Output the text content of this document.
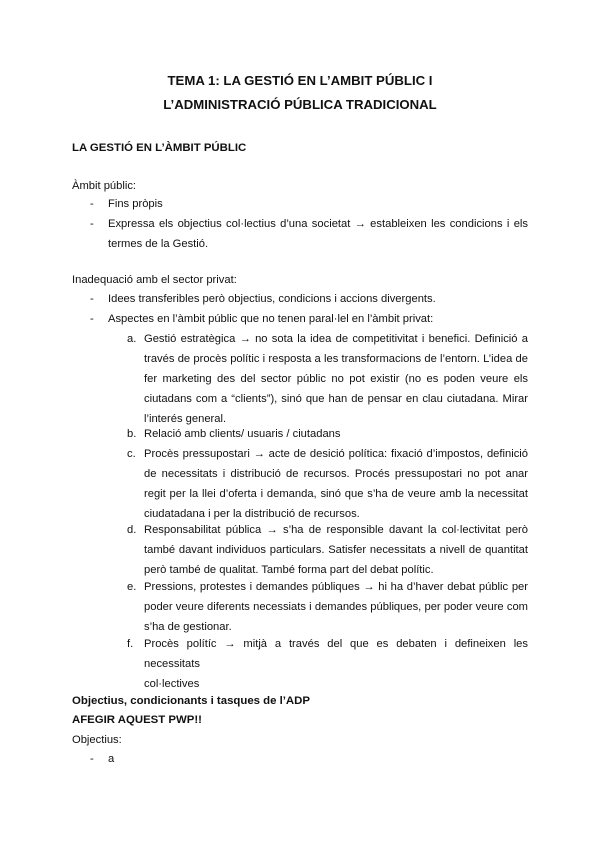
TEMA 1: LA GESTIÓ EN L’AMBIT PÚBLIC I
L’ADMINISTRACIÓ PÚBLICA TRADICIONAL
LA GESTIÓ EN L’ÀMBIT PÚBLIC
Àmbit públic:
- Fins pròpis
- Expressa els objectius col·lectius d’una societat → estableixen les condicions i els
termes de la Gestió.
Inadequació amb el sector privat:
- Idees transferibles però objectius, condicions i accions divergents.
- Aspectes en l’àmbit públic que no tenen paral·lel en l’àmbit privat:
a. Gestió estratègica → no sota la idea de competitivitat i benefici. Definició a
través de procès polític i resposta a les transformacions de l’entorn. L’idea de
fer marketing des del sector públic no pot existir (no es poden veure els
ciutadans com a “clients”), sinó que han de pensar en clau ciutadana. Mirar
l’interés general.
b. Relació amb clients/ usuaris / ciutadans
c. Procès pressupostari → acte de desició política: fixació d’impostos, definició
de necessitats i distribució de recursos. Procés pressupostari no pot anar
regit per la llei d’oferta i demanda, sinó que s’ha de veure amb la necessitat
ciudatadana i per la distribució de recursos.
d. Responsabilitat pública → s’ha de responsible davant la col·lectivitat però
també davant individuos particulars. Satisfer necessitats a nivell de quantitat
però també de qualitat. També forma part del debat polític.
e. Pressions, protestes i demandes públiques → hi ha d’haver debat públic per
poder veure diferents necessiats i demandes públiques, per poder veure com
s’ha de gestionar.
f. Procès polítíc → mitjà a través del que es debaten i defineixen les necessitats
col·lectives
Objectius, condicionants i tasques de l’ADP
AFEGIR AQUEST PWP!!
Objectius:
- a
